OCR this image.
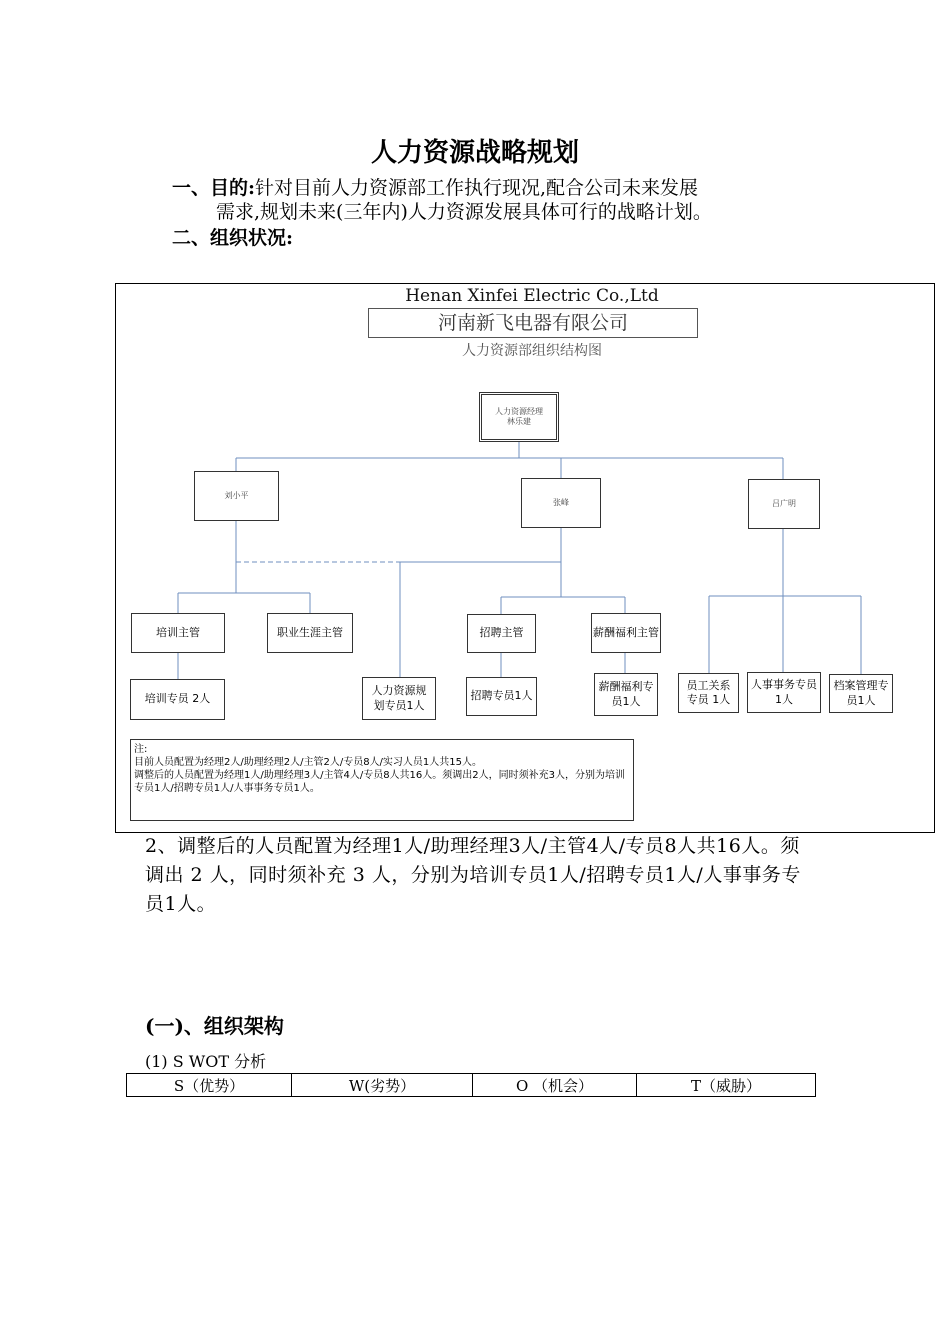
人力资源战略规划
一、目的:针对目前人力资源部工作执行现况,配合公司未来发展
需求,规划未来(三年内)人力资源发展具体可行的战略计划。
二、组织状况:
Henan Xinfei Electric Co.,Ltd
河南新飞电器有限公司
人力资源部组织结构图
人力资源经理
林乐建
刘小平
张峰	吕广明
培训主管	职业生涯主管	招聘主管	薪酬福利主管
培训专员 2人
人力资源规划专员1人
招聘专员1人
薪酬福利专员1人
员工关系专员 1人
人事事务专员1人
档案管理专员1人
注:
目前人员配置为经理2人/助理经理2人/主管2人/专员8人/实习人员1人共15人。
调整后的人员配置为经理1人/助理经理3人/主管4人/专员8人共16人。须调出2人，同时须补充3人，分别为培训专员1人/招聘专员1人/人事事务专员1人。
2、调整后的人员配置为经理1人/助理经理3人/主管4人/专员8人共16人。须调出 2 人，同时须补充 3 人，分别为培训专员1人/招聘专员1人/人事事务专员1人。
(一)、组织架构
(1) S WOT 分析
S（优势）	W(劣势）	O （机会）	T（威胁）
